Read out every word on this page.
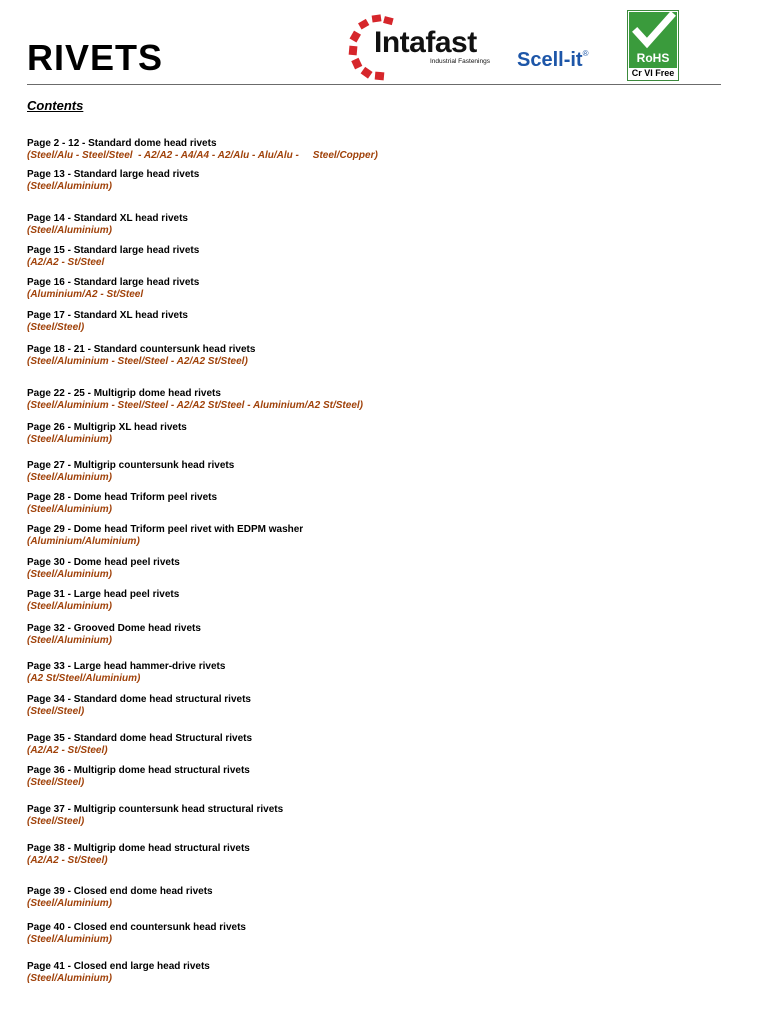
RIVETS	Intafast
Industrial Fastenings Scell-it®	RoHS
Cr VI Free
Contents
Page 2 - 12 - Standard dome head rivets
(Steel/Alu - Steel/Steel  - A2/A2 - A4/A4 - A2/Alu - Alu/Alu -     Steel/Copper)
Page 13 - Standard large head rivets
(Steel/Aluminium)
Page 14 - Standard XL head rivets
(Steel/Aluminium)
Page 15 - Standard large head rivets
(A2/A2 - St/Steel
Page 16 - Standard large head rivets
(Aluminium/A2 - St/Steel
Page 17 - Standard XL head rivets
(Steel/Steel)
Page 18 - 21 - Standard countersunk head rivets
(Steel/Aluminium - Steel/Steel - A2/A2 St/Steel)
Page 22 - 25 - Multigrip dome head rivets
(Steel/Aluminium - Steel/Steel - A2/A2 St/Steel - Aluminium/A2 St/Steel)
Page 26 - Multigrip XL head rivets
(Steel/Aluminium)
Page 27 - Multigrip countersunk head rivets
(Steel/Aluminium)
Page 28 - Dome head Triform peel rivets
(Steel/Aluminium)
Page 29 - Dome head Triform peel rivet with EDPM washer
(Aluminium/Aluminium)
Page 30 - Dome head peel rivets
(Steel/Aluminium)
Page 31 - Large head peel rivets
(Steel/Aluminium)
Page 32 - Grooved Dome head rivets
(Steel/Aluminium)
Page 33 - Large head hammer-drive rivets
(A2 St/Steel/Aluminium)
Page 34 - Standard dome head structural rivets
(Steel/Steel)
Page 35 - Standard dome head Structural rivets
(A2/A2 - St/Steel)
Page 36 - Multigrip dome head structural rivets
(Steel/Steel)
Page 37 - Multigrip countersunk head structural rivets
(Steel/Steel)
Page 38 - Multigrip dome head structural rivets
(A2/A2 - St/Steel)
Page 39 - Closed end dome head rivets
(Steel/Aluminium)
Page 40 - Closed end countersunk head rivets
(Steel/Aluminium)
Page 41 - Closed end large head rivets
(Steel/Aluminium)
